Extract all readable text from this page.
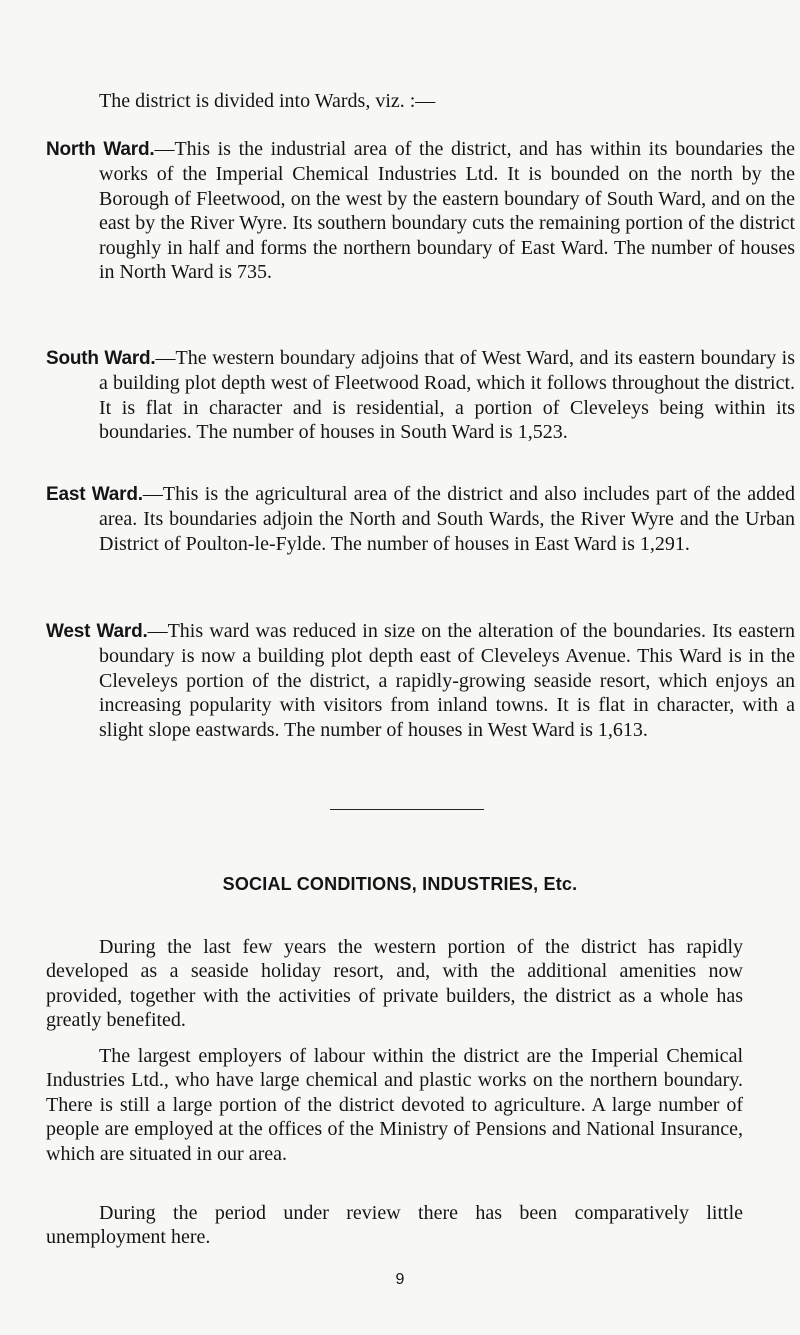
The district is divided into Wards, viz. :—

North Ward.—This is the industrial area of the district, and has within its boundaries the works of the Imperial Chemical Industries Ltd. It is bounded on the north by the Borough of Fleetwood, on the west by the eastern boundary of South Ward, and on the east by the River Wyre. Its southern boundary cuts the remaining portion of the district roughly in half and forms the northern boundary of East Ward. The number of houses in North Ward is 735.

South Ward.—The western boundary adjoins that of West Ward, and its eastern boundary is a building plot depth west of Fleetwood Road, which it follows throughout the district. It is flat in character and is residential, a portion of Cleveleys being within its boundaries. The number of houses in South Ward is 1,523.

East Ward.—This is the agricultural area of the district and also includes part of the added area. Its boundaries adjoin the North and South Wards, the River Wyre and the Urban District of Poulton-le-Fylde. The number of houses in East Ward is 1,291.

West Ward.—This ward was reduced in size on the alteration of the boundaries. Its eastern boundary is now a building plot depth east of Cleveleys Avenue. This Ward is in the Cleveleys portion of the district, a rapidly-growing seaside resort, which enjoys an increasing popularity with visitors from inland towns. It is flat in character, with a slight slope eastwards. The number of houses in West Ward is 1,613.

SOCIAL CONDITIONS, INDUSTRIES, Etc.

During the last few years the western portion of the district has rapidly developed as a seaside holiday resort, and, with the additional amenities now provided, together with the activities of private builders, the district as a whole has greatly benefited.

The largest employers of labour within the district are the Imperial Chemical Industries Ltd., who have large chemical and plastic works on the northern boundary. There is still a large portion of the district devoted to agriculture. A large number of people are employed at the offices of the Ministry of Pensions and National Insurance, which are situated in our area.

During the period under review there has been comparatively little unemployment here.

9
